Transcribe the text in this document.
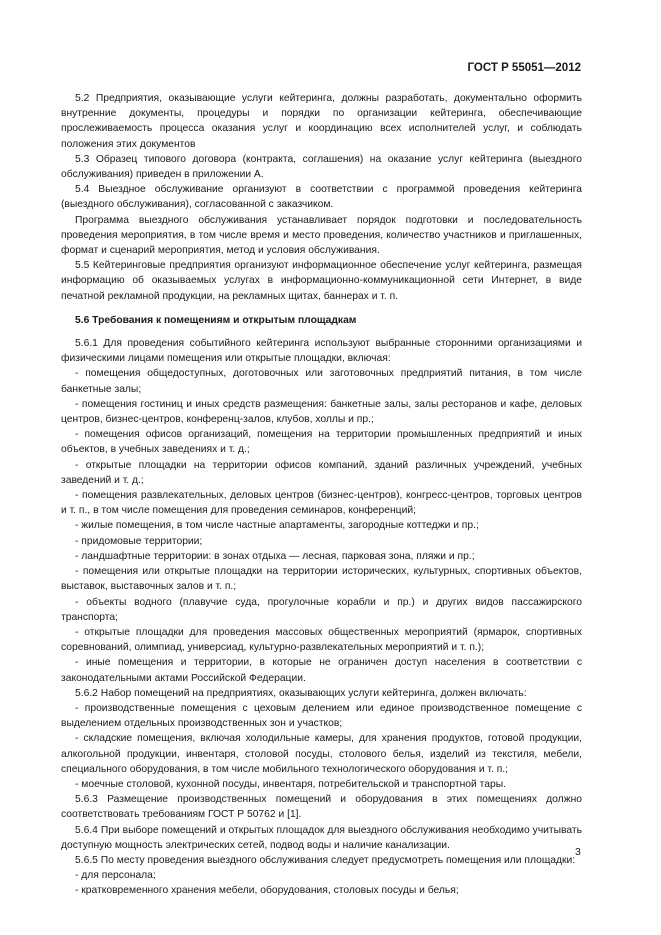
ГОСТ Р 55051—2012

5.2 Предприятия, оказывающие услуги кейтеринга, должны разработать, документально оформить внутренние документы, процедуры и порядки по организации кейтеринга, обеспечивающие прослеживаемость процесса оказания услуг и координацию всех исполнителей услуг, и соблюдать положения этих документов

5.3 Образец типового договора (контракта, соглашения) на оказание услуг кейтеринга (выездного обслуживания) приведен в приложении А.

5.4 Выездное обслуживание организуют в соответствии с программой проведения кейтеринга (выездного обслуживания), согласованной с заказчиком.

Программа выездного обслуживания устанавливает порядок подготовки и последовательность проведения мероприятия, в том числе время и место проведения, количество участников и приглашенных, формат и сценарий мероприятия, метод и условия обслуживания.

5.5 Кейтеринговые предприятия организуют информационное обеспечение услуг кейтеринга, размещая информацию об оказываемых услугах в информационно-коммуникационной сети Интернет, в виде печатной рекламной продукции, на рекламных щитах, баннерах и т. п.

5.6 Требования к помещениям и открытым площадкам

5.6.1 Для проведения событийного кейтеринга используют выбранные сторонними организациями и физическими лицами помещения или открытые площадки, включая:

- помещения общедоступных, доготовочных или заготовочных предприятий питания, в том числе банкетные залы;

- помещения гостиниц и иных средств размещения: банкетные залы, залы ресторанов и кафе, деловых центров, бизнес-центров, конференц-залов, клубов, холлы и пр.;

- помещения офисов организаций, помещения на территории промышленных предприятий и иных объектов, в учебных заведениях и т. д.;

- открытые площадки на территории офисов компаний, зданий различных учреждений, учебных заведений и т. д.;

- помещения развлекательных, деловых центров (бизнес-центров), конгресс-центров, торговых центров и т. п., в том числе помещения для проведения семинаров, конференций;

- жилые помещения, в том числе частные апартаменты, загородные коттеджи и пр.;

- придомовые территории;

- ландшафтные территории: в зонах отдыха — лесная, парковая зона, пляжи и пр.;

- помещения или открытые площадки на территории исторических, культурных, спортивных объектов, выставок, выставочных залов и т. п.;

- объекты водного (плавучие суда, прогулочные корабли и пр.) и других видов пассажирского транспорта;

- открытые площадки для проведения массовых общественных мероприятий (ярмарок, спортивных соревнований, олимпиад, универсиад, культурно-развлекательных мероприятий и т. п.);

- иные помещения и территории, в которые не ограничен доступ населения в соответствии с законодательными актами Российской Федерации.

5.6.2 Набор помещений на предприятиях, оказывающих услуги кейтеринга, должен включать:

- производственные помещения с цеховым делением или единое производственное помещение с выделением отдельных производственных зон и участков;

- складские помещения, включая холодильные камеры, для хранения продуктов, готовой продукции, алкогольной продукции, инвентаря, столовой посуды, столового белья, изделий из текстиля, мебели, специального оборудования, в том числе мобильного технологического оборудования и т. п.;

- моечные столовой, кухонной посуды, инвентаря, потребительской и транспортной тары.

5.6.3 Размещение производственных помещений и оборудования в этих помещениях должно соответствовать требованиям ГОСТ Р 50762 и [1].

5.6.4 При выборе помещений и открытых площадок для выездного обслуживания необходимо учитывать доступную мощность электрических сетей, подвод воды и наличие канализации.

5.6.5 По месту проведения выездного обслуживания следует предусмотреть помещения или площадки:

- для персонала;

- кратковременного хранения мебели, оборудования, столовых посуды и белья;

3
